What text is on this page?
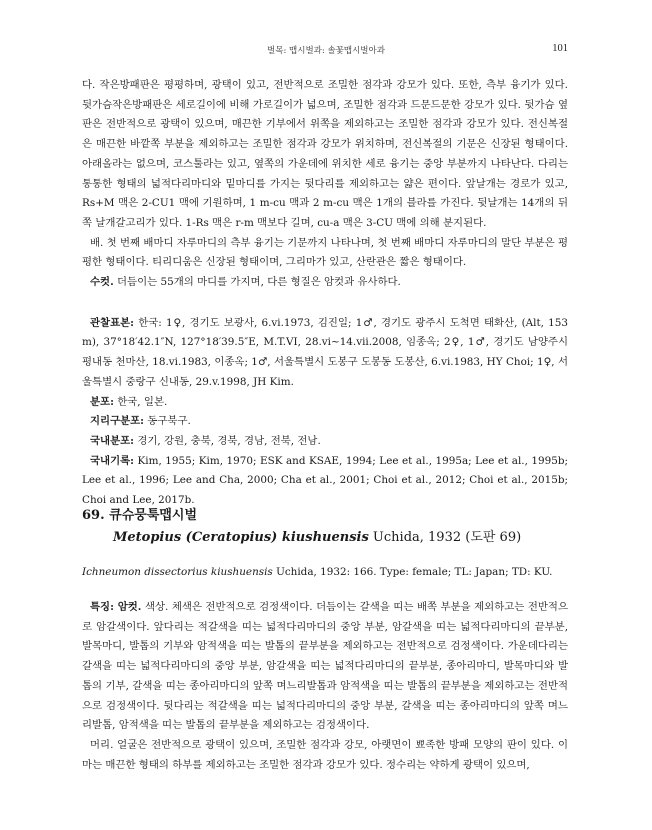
벌목: 맵시벌과: 솔꽃맵시벌아과	101

다. 작은방패판은 평평하며, 광택이 있고, 전반적으로 조밀한 점각과 강모가 있다. 또한, 측부 융기가 있다. 뒷가슴작은방패판은 세로길이에 비해 가로길이가 넓으며, 조밀한 점각과 드문드문한 강모가 있다. 뒷가슴 옆판은 전반적으로 광택이 있으며, 매끈한 기부에서 위쪽을 제외하고는 조밀한 점각과 강모가 있다. 전신복절은 매끈한 바깥쪽 부분을 제외하고는 조밀한 점각과 강모가 위치하며, 전신복절의 기문은 신장된 형태이다. 아래올라는 없으며, 코스툴라는 있고, 옆쪽의 가운데에 위치한 세로 융기는 중앙 부분까지 나타난다. 다리는 통통한 형태의 넓적다리마디와 밑마디를 가지는 뒷다리를 제외하고는 얇은 편이다. 앞날개는 경로가 있고, Rs+M 맥은 2-CU1 맥에 기원하며, 1 m-cu 맥과 2 m-cu 맥은 1개의 블라를 가진다. 뒷날개는 14개의 뒤쪽 날개갈고리가 있다. 1-Rs 맥은 r-m 맥보다 길며, cu-a 맥은 3-CU 맥에 의해 분지된다.

배. 첫 번째 배마디 자루마디의 측부 융기는 기문까지 나타나며, 첫 번째 배마디 자루마디의 말단 부분은 평평한 형태이다. 티리디움은 신장된 형태이며, 그리마가 있고, 산란관은 짧은 형태이다.

수컷. 더듬이는 55개의 마디를 가지며, 다른 형질은 암컷과 유사하다.

관찰표본: 한국: 1♀, 경기도 보광사, 6.vi.1973, 김진일; 1♂, 경기도 광주시 도척면 태화산, (Alt, 153 m), 37°18′42.1″N, 127°18′39.5″E, M.T.VI, 28.vi~14.vii.2008, 임종옥; 2♀, 1♂, 경기도 남양주시 평내동 천마산, 18.vi.1983, 이종옥; 1♂, 서울특별시 도봉구 도봉동 도봉산, 6.vi.1983, HY Choi; 1♀, 서울특별시 중랑구 신내동, 29.v.1998, JH Kim.

분포: 한국, 일본.

지리구분포: 동구북구.

국내분포: 경기, 강원, 충북, 경북, 경남, 전북, 전남.

국내기록: Kim, 1955; Kim, 1970; ESK and KSAE, 1994; Lee et al., 1995a; Lee et al., 1995b; Lee et al., 1996; Lee and Cha, 2000; Cha et al., 2001; Choi et al., 2012; Choi et al., 2015b; Choi and Lee, 2017b.

69. 큐슈뭉툭맵시벌
Metopius (Ceratopius) kiushuensis Uchida, 1932 (도판 69)
Ichneumon dissectorius kiushuensis Uchida, 1932: 166. Type: female; TL: Japan; TD: KU.

특징: 암컷. 색상. 체색은 전반적으로 검정색이다. 더듬이는 갈색을 띠는 배쪽 부분을 제외하고는 전반적으로 암갈색이다. 앞다리는 적갈색을 띠는 넓적다리마디의 중앙 부분, 암갈색을 띠는 넓적다리마디의 끝부분, 발목마디, 발톱의 기부와 암적색을 띠는 발톱의 끝부분을 제외하고는 전반적으로 검정색이다. 가운데다리는 갈색을 띠는 넓적다리마디의 중앙 부분, 암갈색을 띠는 넓적다리마디의 끝부분, 종아리마디, 발목마디와 발톱의 기부, 갈색을 띠는 종아리마디의 앞쪽 며느리발톱과 암적색을 띠는 발톱의 끝부분을 제외하고는 전반적으로 검정색이다. 뒷다리는 적갈색을 띠는 넓적다리마디의 중앙 부분, 갈색을 띠는 종아리마디의 앞쪽 며느리발톱, 암적색을 띠는 발톱의 끝부분을 제외하고는 검정색이다.

머리. 얼굴은 전반적으로 광택이 있으며, 조밀한 점각과 강모, 아랫면이 뾰족한 방패 모양의 판이 있다. 이마는 매끈한 형태의 하부를 제외하고는 조밀한 점각과 강모가 있다. 정수리는 약하게 광택이 있으며,
